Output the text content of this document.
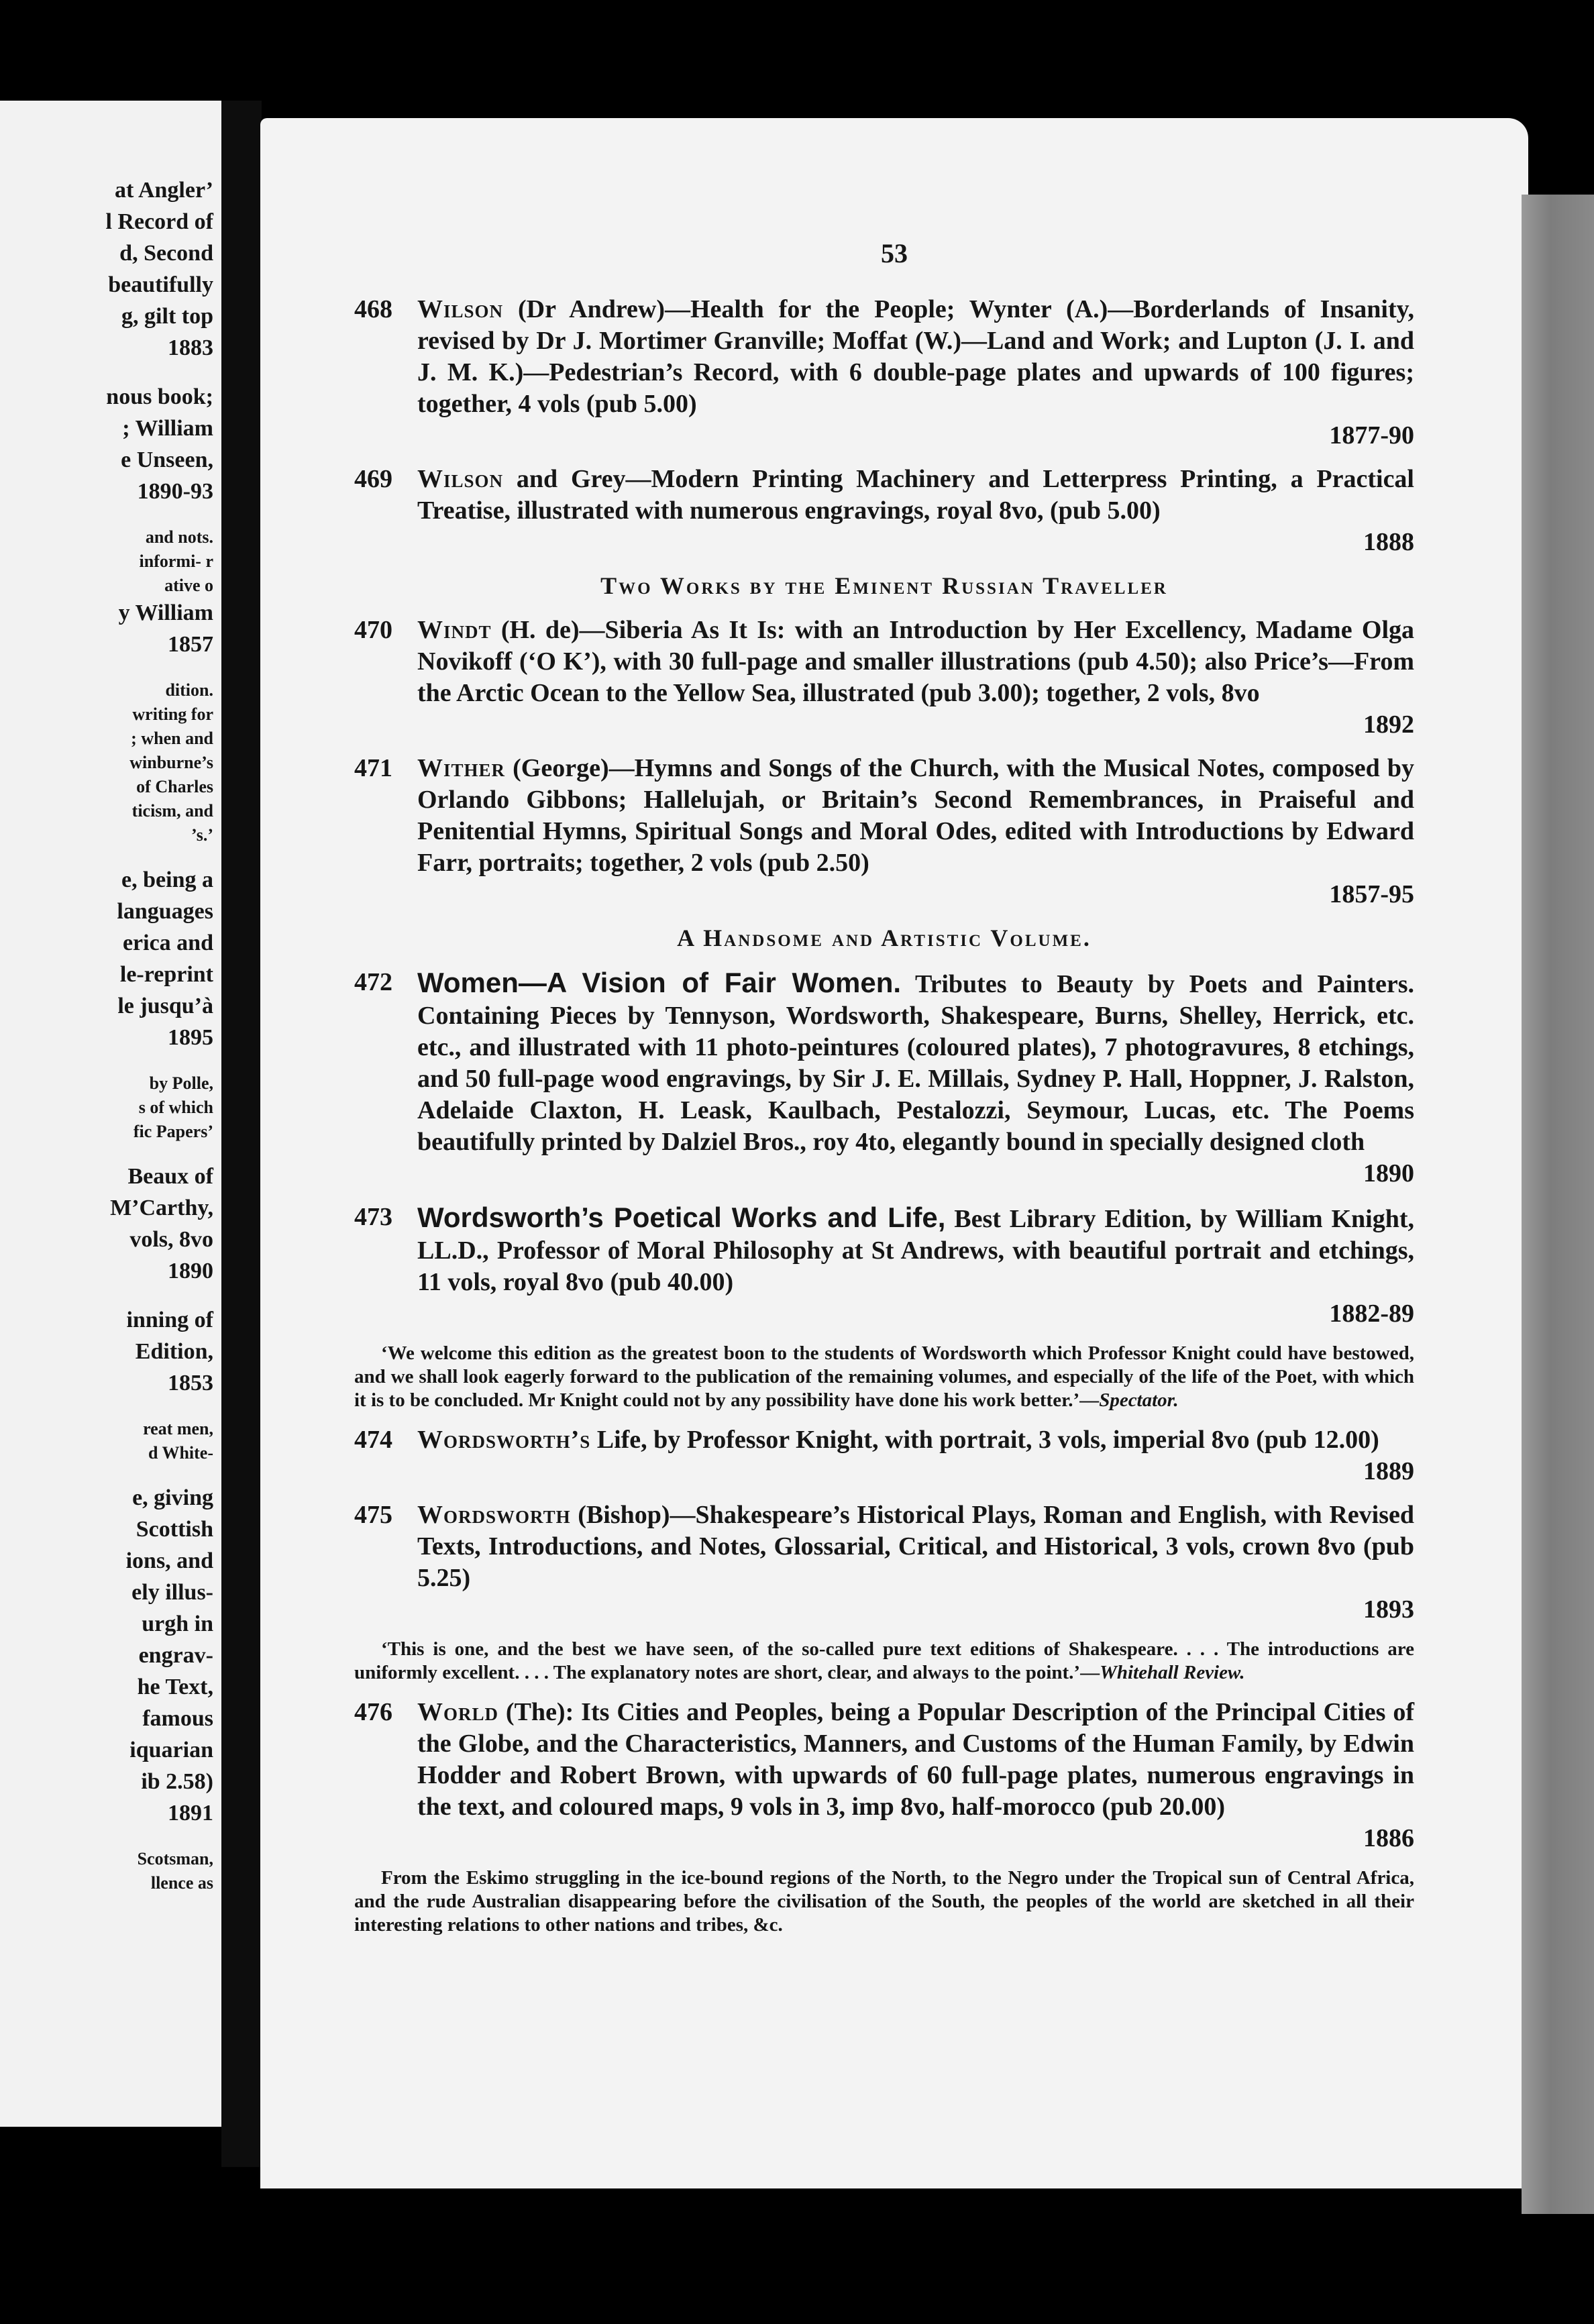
at Angler’
l Record of
d, Second
beautifully
g, gilt top
1883
nous book;
; William
e Unseen,
1890-93
and nots.
informi- r
ative o
y William
1857
dition.
writing for
; when and
winburne’s
of Charles
ticism, and
’s.’
e, being a
languages
erica and
le-reprint
le jusqu’à
1895
by Polle,
s of which
fic Papers’
Beaux of
M’Carthy,
vols, 8vo
1890
inning of
Edition,
1853
reat men,
d White-
e, giving
Scottish
ions, and
ely illus-
urgh in
engrav-
he Text,
famous
iquarian
ib 2.58)
1891
Scotsman,
llence as
53
468 Wilson (Dr Andrew)—Health for the People; Wynter (A.)—Borderlands of Insanity, revised by Dr J. Mortimer Granville; Moffat (W.)—Land and Work; and Lupton (J. I. and J. M. K.)—Pedestrian’s Record, with 6 double-page plates and upwards of 100 figures; together, 4 vols (pub 5.00)
1877-90
469 Wilson and Grey—Modern Printing Machinery and Letterpress Printing, a Practical Treatise, illustrated with numerous engravings, royal 8vo, (pub 5.00)
1888
Two Works by the Eminent Russian Traveller
470 Windt (H. de)—Siberia As It Is: with an Introduction by Her Excellency, Madame Olga Novikoff (‘O K’), with 30 full-page and smaller illustrations (pub 4.50); also Price’s—From the Arctic Ocean to the Yellow Sea, illustrated (pub 3.00); together, 2 vols, 8vo
1892
471 Wither (George)—Hymns and Songs of the Church, with the Musical Notes, composed by Orlando Gibbons; Hallelujah, or Britain’s Second Remembrances, in Praiseful and Penitential Hymns, Spiritual Songs and Moral Odes, edited with Introductions by Edward Farr, portraits; together, 2 vols (pub 2.50)
1857-95
A Handsome and Artistic Volume.
472 Women—A Vision of Fair Women. Tributes to Beauty by Poets and Painters. Containing Pieces by Tennyson, Wordsworth, Shakespeare, Burns, Shelley, Herrick, etc. etc., and illustrated with 11 photo-peintures (coloured plates), 7 photogravures, 8 etchings, and 50 full-page wood engravings, by Sir J. E. Millais, Sydney P. Hall, Hoppner, J. Ralston, Adelaide Claxton, H. Leask, Kaulbach, Pestalozzi, Seymour, Lucas, etc. The Poems beautifully printed by Dalziel Bros., roy 4to, elegantly bound in specially designed cloth
1890
473 Wordsworth’s Poetical Works and Life, Best Library Edition, by William Knight, LL.D., Professor of Moral Philosophy at St Andrews, with beautiful portrait and etchings, 11 vols, royal 8vo (pub 40.00)
1882-89
‘We welcome this edition as the greatest boon to the students of Wordsworth which Professor Knight could have bestowed, and we shall look eagerly forward to the publication of the remaining volumes, and especially of the life of the Poet, with which it is to be concluded. Mr Knight could not by any possibility have done his work better.’—Spectator.
474 Wordsworth’s Life, by Professor Knight, with portrait, 3 vols, imperial 8vo (pub 12.00)
1889
475 Wordsworth (Bishop)—Shakespeare’s Historical Plays, Roman and English, with Revised Texts, Introductions, and Notes, Glossarial, Critical, and Historical, 3 vols, crown 8vo (pub 5.25)
1893
‘This is one, and the best we have seen, of the so-called pure text editions of Shakespeare. . . . The introductions are uniformly excellent. . . . The explanatory notes are short, clear, and always to the point.’—Whitehall Review.
476 World (The): Its Cities and Peoples, being a Popular Description of the Principal Cities of the Globe, and the Characteristics, Manners, and Customs of the Human Family, by Edwin Hodder and Robert Brown, with upwards of 60 full-page plates, numerous engravings in the text, and coloured maps, 9 vols in 3, imp 8vo, half-morocco (pub 20.00)
1886
From the Eskimo struggling in the ice-bound regions of the North, to the Negro under the Tropical sun of Central Africa, and the rude Australian disappearing before the civilisation of the South, the peoples of the world are sketched in all their interesting relations to other nations and tribes, &c.
